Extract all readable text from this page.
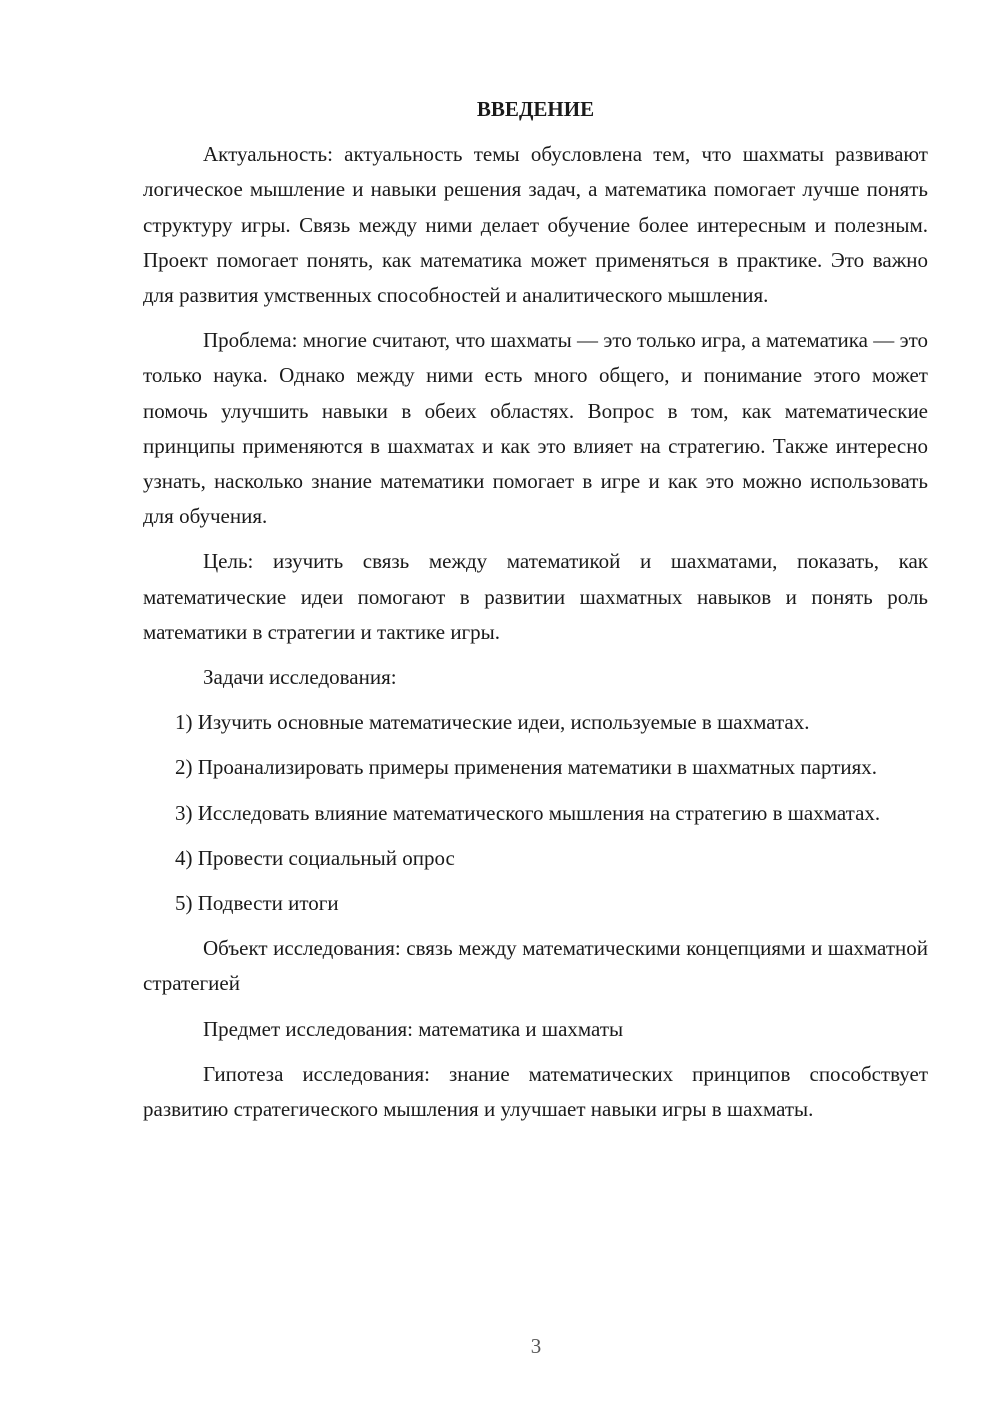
ВВЕДЕНИЕ

Актуальность: актуальность темы обусловлена тем, что шахматы развивают логическое мышление и навыки решения задач, а математика помогает лучше понять структуру игры. Связь между ними делает обучение более интересным и полезным. Проект помогает понять, как математика может применяться в практике. Это важно для развития умственных способностей и аналитического мышления.

Проблема: многие считают, что шахматы — это только игра, а математика — это только наука. Однако между ними есть много общего, и понимание этого может помочь улучшить навыки в обеих областях. Вопрос в том, как математические принципы применяются в шахматах и как это влияет на стратегию. Также интересно узнать, насколько знание математики помогает в игре и как это можно использовать для обучения.

Цель: изучить связь между математикой и шахматами, показать, как математические идеи помогают в развитии шахматных навыков и понять роль математики в стратегии и тактике игры.

Задачи исследования:

1) Изучить основные математические идеи, используемые в шахматах.

2) Проанализировать примеры применения математики в шахматных партиях.

3) Исследовать влияние математического мышления на стратегию в шахматах.

4) Провести социальный опрос

5) Подвести итоги

Объект исследования: связь между математическими концепциями и шахматной стратегией

Предмет исследования: математика и шахматы

Гипотеза исследования: знание математических принципов способствует развитию стратегического мышления и улучшает навыки игры в шахматы.

3
